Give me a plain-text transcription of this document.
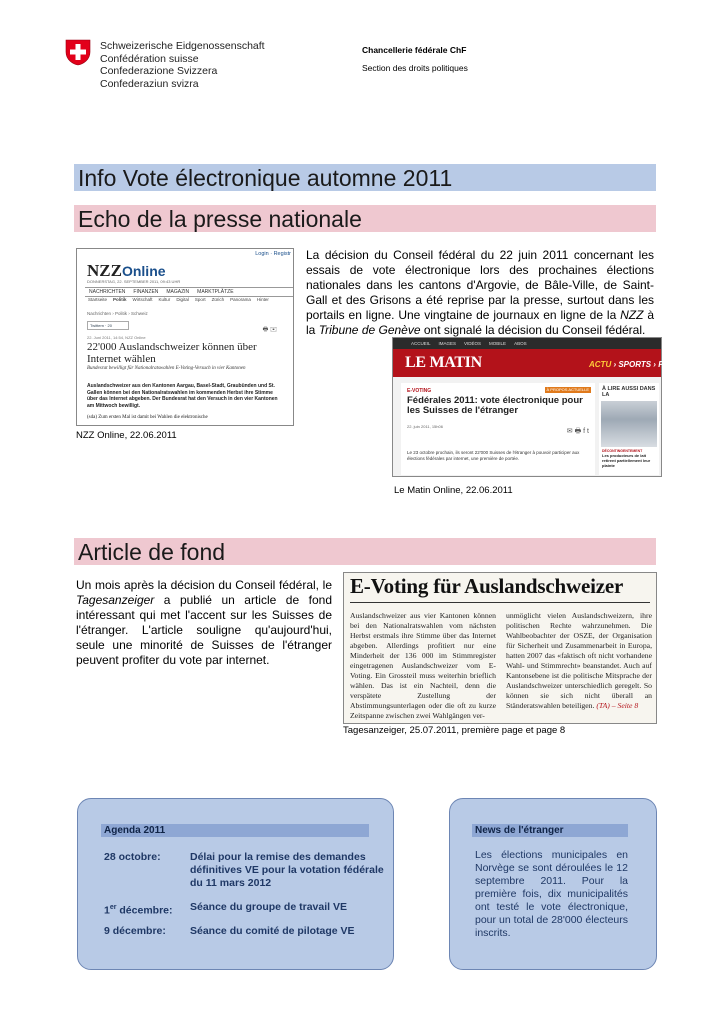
Schweizerische Eidgenossenschaft
Confédération suisse
Confederazione Svizzera
Confederaziun svizra
Chancellerie fédérale ChF
Section des droits politiques
Info Vote électronique automne 2011
Echo de la presse nationale
Article de fond
Login · Registr
NZZOnline
DONNERSTAG, 22. SEPTEMBER 2011, 09:43 UHR
NACHRICHTEN FINANZEN MAGAZIN MARKTPLÄTZE
Startseite Politik Wirtschaft Kultur Digital Sport Zürich Panorama Hinter
Nachrichten › Politik › Schweiz
Twittern · 20
🖶 ✉
22. Juni 2011, 14:54, NZZ Online
22'000 Auslandschweizer können über Internet wählen
Bundesrat bewilligt für Nationalratswahlen E-Voting-Versuch in vier Kantonen
Auslandschweizer aus den Kantonen Aargau, Basel-Stadt, Graubünden und St. Gallen können bei den Nationalratswahlen im kommenden Herbst ihre Stimme über das Internet abgeben. Der Bundesrat hat den Versuch in den vier Kantonen am Mittwoch bewilligt.
(sda) Zum ersten Mal ist damit bei Wahlen die elektronische
NZZ Online, 22.06.2011
La décision du Conseil fédéral du 22 juin 2011 concernant les essais de vote électronique lors des prochaines élections nationales dans les cantons d'Argovie, de Bâle-Ville, de Saint-Gall et des Grisons a été reprise par la presse, surtout dans les portails en ligne. Une vingtaine de journaux en ligne de la NZZ à la Tribune de Genève ont signalé la décision du Conseil fédéral.
ACCUEIL IMAGES VIDÉOS MOBILE ABOS
LE MATIN	ACTU › SPORTS › PEOP
E-VOTING	À PROPOS ACTUELLE
Fédérales 2011: vote électronique pour les Suisses de l'étranger
22. juin 2011, 15h06
✉ 🖶 f t
Le 23 octobre prochain, ils seront 22'000 Suisses de l'étranger à pouvoir participer aux élections fédérales par internet, une première de portée.
À LIRE AUSSI DANS LA
DÉCONTINGENTEMENT
Les producteurs de lait retirent partiellement leur plainte
Le Matin Online, 22.06.2011
Un mois après la décision du Conseil fédéral, le Tagesanzeiger a publié un article de fond intéressant qui met l'accent sur les Suisses de l'étranger. L'article souligne qu'aujourd'hui, seule une minorité de Suisses de l'étranger peuvent profiter du vote par internet.
E-Voting für Auslandschweizer
Auslandschweizer aus vier Kantonen können bei den Nationalratswahlen vom nächsten Herbst erstmals ihre Stimme über das Internet abgeben. Allerdings profitiert nur eine Minderheit der 136 000 im Stimmregister eingetragenen Auslandschweizer vom E-Voting. Ein Grossteil muss weiterhin brieflich wählen. Das ist ein Nachteil, denn die verspätete Zustellung der Abstimmungsunterlagen oder die oft zu kurze Zeitspanne zwischen zwei Wahlgängen ver-
unmöglicht vielen Auslandschweizern, ihre politischen Rechte wahrzunehmen. Die Wahlbeobachter der OSZE, der Organisation für Sicherheit und Zusammenarbeit in Europa, hatten 2007 das «faktisch oft nicht vorhandene Wahl- und Stimmrecht» beanstandet. Auch auf Kantonsebene ist die politische Mitsprache der Auslandschweizer unterschiedlich geregelt. So können sie sich nicht überall an Ständeratswahlen beteiligen. (TA) – Seite 8
Tagesanzeiger, 25.07.2011, première page et page 8
Agenda 2011
28 octobre:	Délai pour la remise des demandes définitives VE pour la votation fédérale du 11 mars 2012
1er décembre:	Séance du groupe de travail VE
9 décembre:	Séance du comité de pilotage VE
News de l'étranger
Les élections municipales en Norvège se sont déroulées le 12 septembre 2011. Pour la première fois, dix municipalités ont testé le vote électronique, pour un total de 28'000 électeurs inscrits.
